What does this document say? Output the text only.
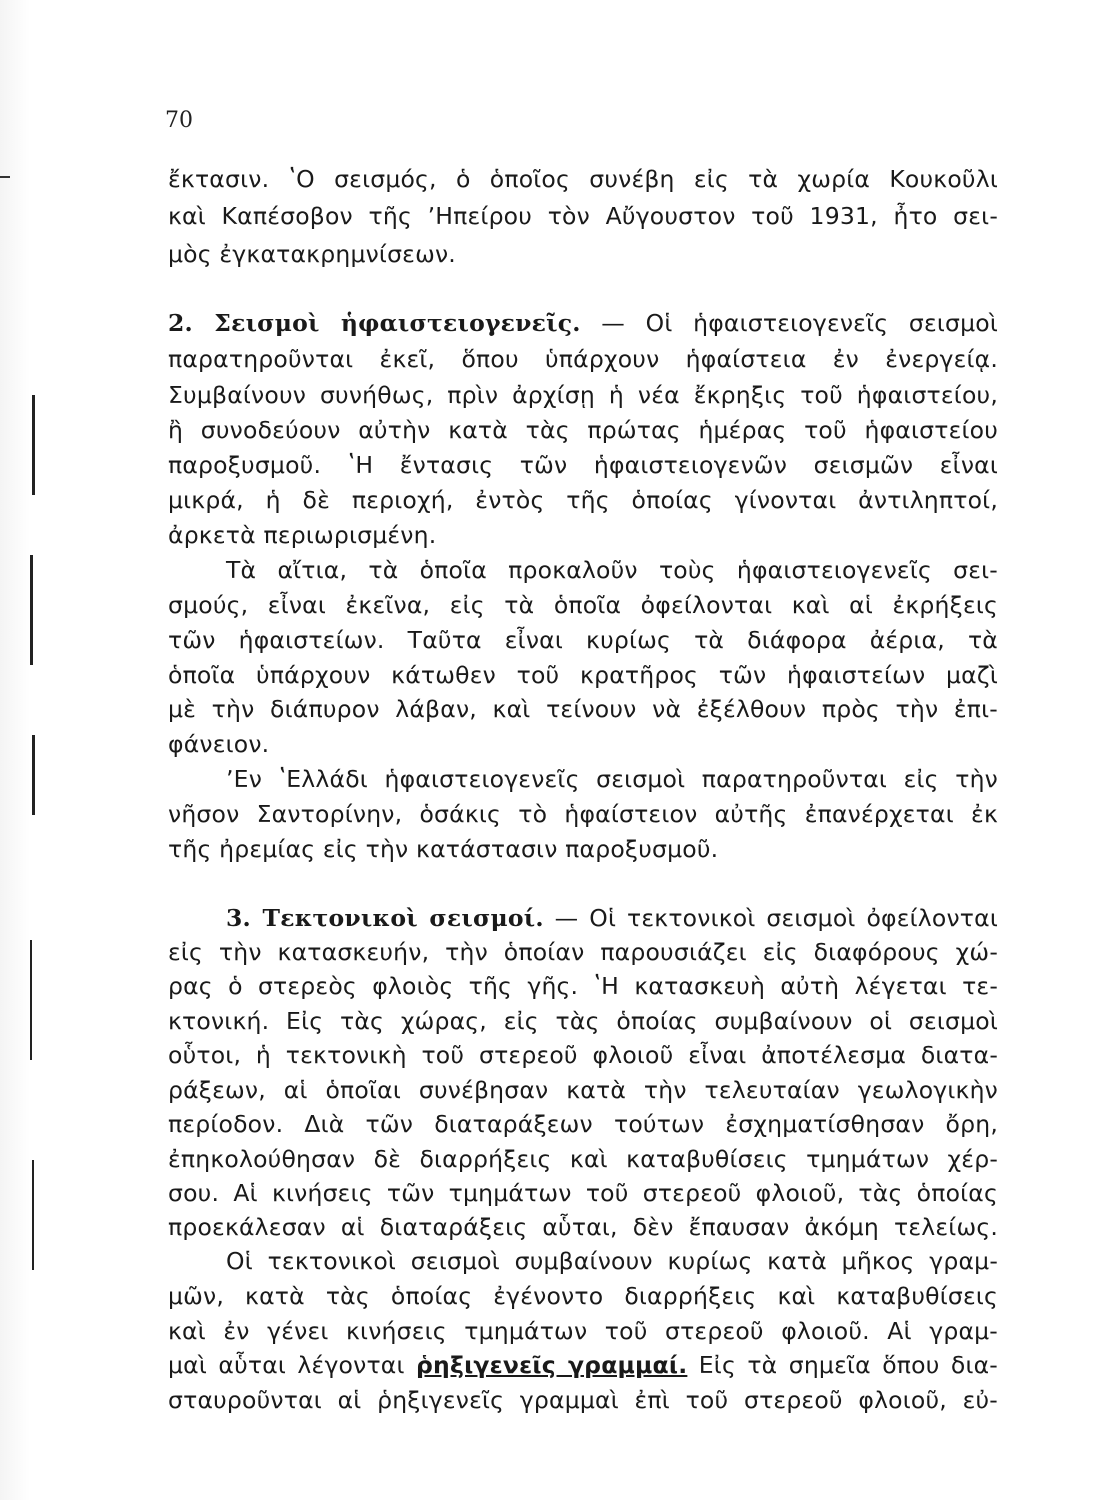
70
ἔκτασιν. ʽΟ σεισμός, ὁ ὁποῖος συνέβη εἰς τὰ χωρία Κουκοῦλι
καὶ Καπέσοβον τῆς ʼΗπείρου τὸν Αὔγουστον τοῦ 1931, ἦτο σει-
μὸς ἐγκατακρημνίσεων.
2. Σεισμοὶ ἡφαιστειογενεῖς. — Οἱ ἡφαιστειογενεῖς σεισμοὶ
παρατηροῦνται ἐκεῖ, ὅπου ὑπάρχουν ἡφαίστεια ἐν ἐνεργείᾳ.
Συμβαίνουν συνήθως, πρὶν ἀρχίσῃ ἡ νέα ἔκρηξις τοῦ ἡφαιστείου,
ἢ συνοδεύουν αὐτὴν κατὰ τὰς πρώτας ἡμέρας τοῦ ἡφαιστείου
παροξυσμοῦ. ʽΗ ἔντασις τῶν ἡφαιστειογενῶν σεισμῶν εἶναι
μικρά, ἡ δὲ περιοχή, ἐντὸς τῆς ὁποίας γίνονται ἀντιληπτοί,
ἀρκετὰ περιωρισμένη.
Τὰ αἴτια, τὰ ὁποῖα προκαλοῦν τοὺς ἡφαιστειογενεῖς σει-
σμούς, εἶναι ἐκεῖνα, εἰς τὰ ὁποῖα ὀφείλονται καὶ αἱ ἐκρήξεις
τῶν ἡφαιστείων. Ταῦτα εἶναι κυρίως τὰ διάφορα ἀέρια, τὰ
ὁποῖα ὑπάρχουν κάτωθεν τοῦ κρατῆρος τῶν ἡφαιστείων μαζὶ
μὲ τὴν διάπυρον λάβαν, καὶ τείνουν νὰ ἐξέλθουν πρὸς τὴν ἐπι-
φάνειον.
ʼΕν ʽΕλλάδι ἡφαιστειογενεῖς σεισμοὶ παρατηροῦνται εἰς τὴν
νῆσον Σαντορίνην, ὁσάκις τὸ ἡφαίστειον αὐτῆς ἐπανέρχεται ἐκ
τῆς ἠρεμίας εἰς τὴν κατάστασιν παροξυσμοῦ.
3. Τεκτονικοὶ σεισμοί. — Οἱ τεκτονικοὶ σεισμοὶ ὀφείλονται
εἰς τὴν κατασκευήν, τὴν ὁποίαν παρουσιάζει εἰς διαφόρους χώ-
ρας ὁ στερεὸς φλοιὸς τῆς γῆς. ʽΗ κατασκευὴ αὐτὴ λέγεται τε-
κτονική. Εἰς τὰς χώρας, εἰς τὰς ὁποίας συμβαίνουν οἱ σεισμοὶ
οὗτοι, ἡ τεκτονικὴ τοῦ στερεοῦ φλοιοῦ εἶναι ἀποτέλεσμα διατα-
ράξεων, αἱ ὁποῖαι συνέβησαν κατὰ τὴν τελευταίαν γεωλογικὴν
περίοδον. Διὰ τῶν διαταράξεων τούτων ἐσχηματίσθησαν ὄρη,
ἐπηκολούθησαν δὲ διαρρήξεις καὶ καταβυθίσεις τμημάτων χέρ-
σου. Αἱ κινήσεις τῶν τμημάτων τοῦ στερεοῦ φλοιοῦ, τὰς ὁποίας
προεκάλεσαν αἱ διαταράξεις αὗται, δὲν ἔπαυσαν ἀκόμη τελείως.
Οἱ τεκτονικοὶ σεισμοὶ συμβαίνουν κυρίως κατὰ μῆκος γραμ-
μῶν, κατὰ τὰς ὁποίας ἐγένοντο διαρρήξεις καὶ καταβυθίσεις
καὶ ἐν γένει κινήσεις τμημάτων τοῦ στερεοῦ φλοιοῦ. Αἱ γραμ-
μαὶ αὗται λέγονται ῥηξιγενεῖς γραμμαί. Εἰς τὰ σημεῖα ὅπου δια-
σταυροῦνται αἱ ῥηξιγενεῖς γραμμαὶ ἐπὶ τοῦ στερεοῦ φλοιοῦ, εὐ-
